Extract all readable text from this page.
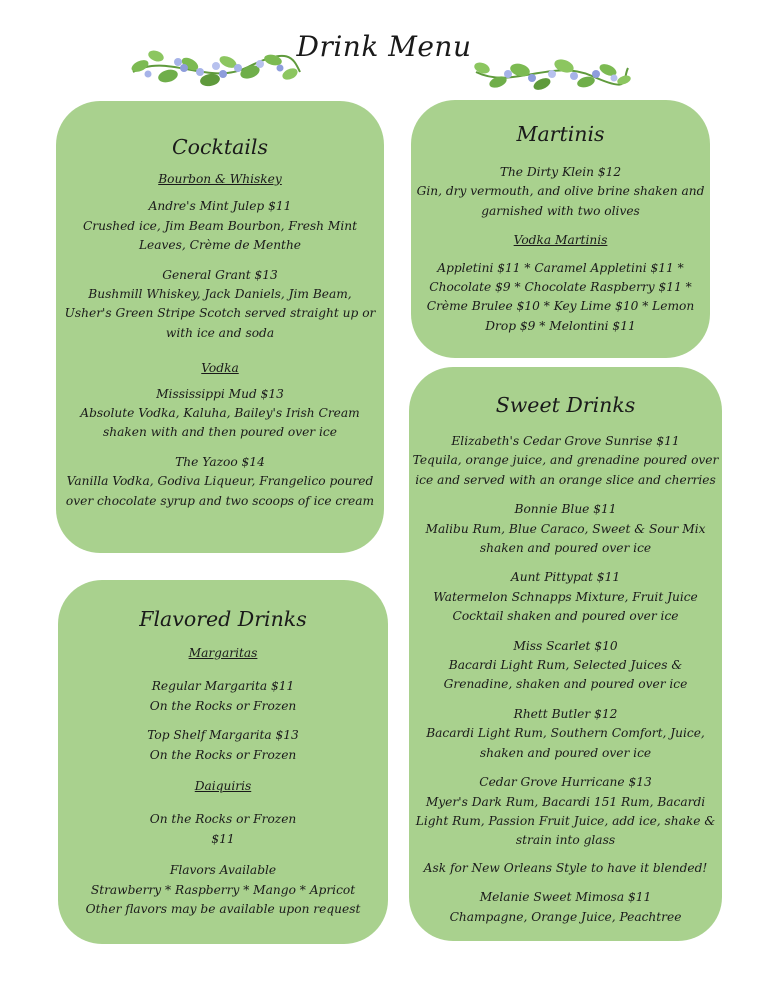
Drink Menu
Cocktails
Bourbon & Whiskey
Andre's Mint Julep $11
Crushed ice, Jim Beam Bourbon, Fresh Mint
Leaves, Crème de Menthe
General Grant $13
Bushmill Whiskey, Jack Daniels, Jim Beam,
Usher's Green Stripe Scotch served straight up or
with ice and soda
Vodka
Mississippi Mud $13
Absolute Vodka, Kaluha, Bailey's Irish Cream
shaken with and then poured over ice
The Yazoo $14
Vanilla Vodka, Godiva Liqueur, Frangelico poured
over chocolate syrup and two scoops of ice cream
Martinis
The Dirty Klein $12
Gin, dry vermouth, and olive brine shaken and
garnished with two olives
Vodka Martinis
Appletini $11 * Caramel Appletini $11 *
Chocolate $9 * Chocolate Raspberry $11 *
Crème Brulee $10 * Key Lime $10 * Lemon
Drop $9 * Melontini $11
Sweet Drinks
Elizabeth's Cedar Grove Sunrise $11
Tequila, orange juice, and grenadine poured over
ice and served with an orange slice and cherries
Bonnie Blue $11
Malibu Rum, Blue Caraco, Sweet & Sour Mix
shaken and poured over ice
Aunt Pittypat $11
Watermelon Schnapps Mixture, Fruit Juice
Cocktail shaken and poured over ice
Miss Scarlet $10
Bacardi Light Rum, Selected Juices &
Grenadine, shaken and poured over ice
Rhett Butler $12
Bacardi Light Rum, Southern Comfort, Juice,
shaken and poured over ice
Cedar Grove Hurricane $13
Myer's Dark Rum, Bacardi 151 Rum, Bacardi
Light Rum, Passion Fruit Juice, add ice, shake &
strain into glass
Ask for New Orleans Style to have it blended!
Melanie Sweet Mimosa $11
Champagne, Orange Juice, Peachtree
Flavored Drinks
Margaritas
Regular Margarita $11
On the Rocks or Frozen
Top Shelf Margarita $13
On the Rocks or Frozen
Daiquiris
On the Rocks or Frozen
$11
Flavors Available
Strawberry * Raspberry * Mango * Apricot
Other flavors may be available upon request
